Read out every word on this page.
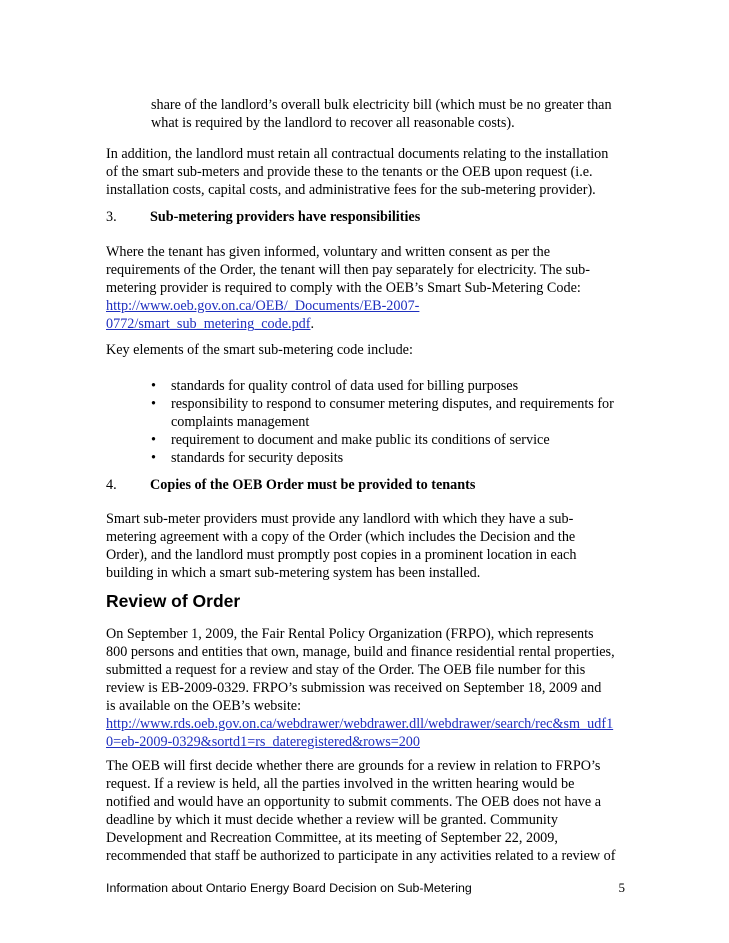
share of the landlord’s overall bulk electricity bill (which must be no greater than
what is required by the landlord to recover all reasonable costs).
In addition, the landlord must retain all contractual documents relating to the installation
of the smart sub-meters and provide these to the tenants or the OEB upon request (i.e.
installation costs, capital costs, and administrative fees for the sub-metering provider).
3. Sub-metering providers have responsibilities
Where the tenant has given informed, voluntary and written consent as per the
requirements of the Order, the tenant will then pay separately for electricity. The sub-
metering provider is required to comply with the OEB’s Smart Sub-Metering Code:
http://www.oeb.gov.on.ca/OEB/_Documents/EB-2007-
0772/smart_sub_metering_code.pdf.
Key elements of the smart sub-metering code include:
• standards for quality control of data used for billing purposes
• responsibility to respond to consumer metering disputes, and requirements for
complaints management
• requirement to document and make public its conditions of service
• standards for security deposits
4. Copies of the OEB Order must be provided to tenants
Smart sub-meter providers must provide any landlord with which they have a sub-
metering agreement with a copy of the Order (which includes the Decision and the
Order), and the landlord must promptly post copies in a prominent location in each
building in which a smart sub-metering system has been installed.
Review of Order
On September 1, 2009, the Fair Rental Policy Organization (FRPO), which represents
800 persons and entities that own, manage, build and finance residential rental properties,
submitted a request for a review and stay of the Order. The OEB file number for this
review is EB-2009-0329. FRPO’s submission was received on September 18, 2009 and
is available on the OEB’s website:
http://www.rds.oeb.gov.on.ca/webdrawer/webdrawer.dll/webdrawer/search/rec&sm_udf1
0=eb-2009-0329&sortd1=rs_dateregistered&rows=200
The OEB will first decide whether there are grounds for a review in relation to FRPO’s
request. If a review is held, all the parties involved in the written hearing would be
notified and would have an opportunity to submit comments. The OEB does not have a
deadline by which it must decide whether a review will be granted. Community
Development and Recreation Committee, at its meeting of September 22, 2009,
recommended that staff be authorized to participate in any activities related to a review of
Information about Ontario Energy Board Decision on Sub-Metering	5
